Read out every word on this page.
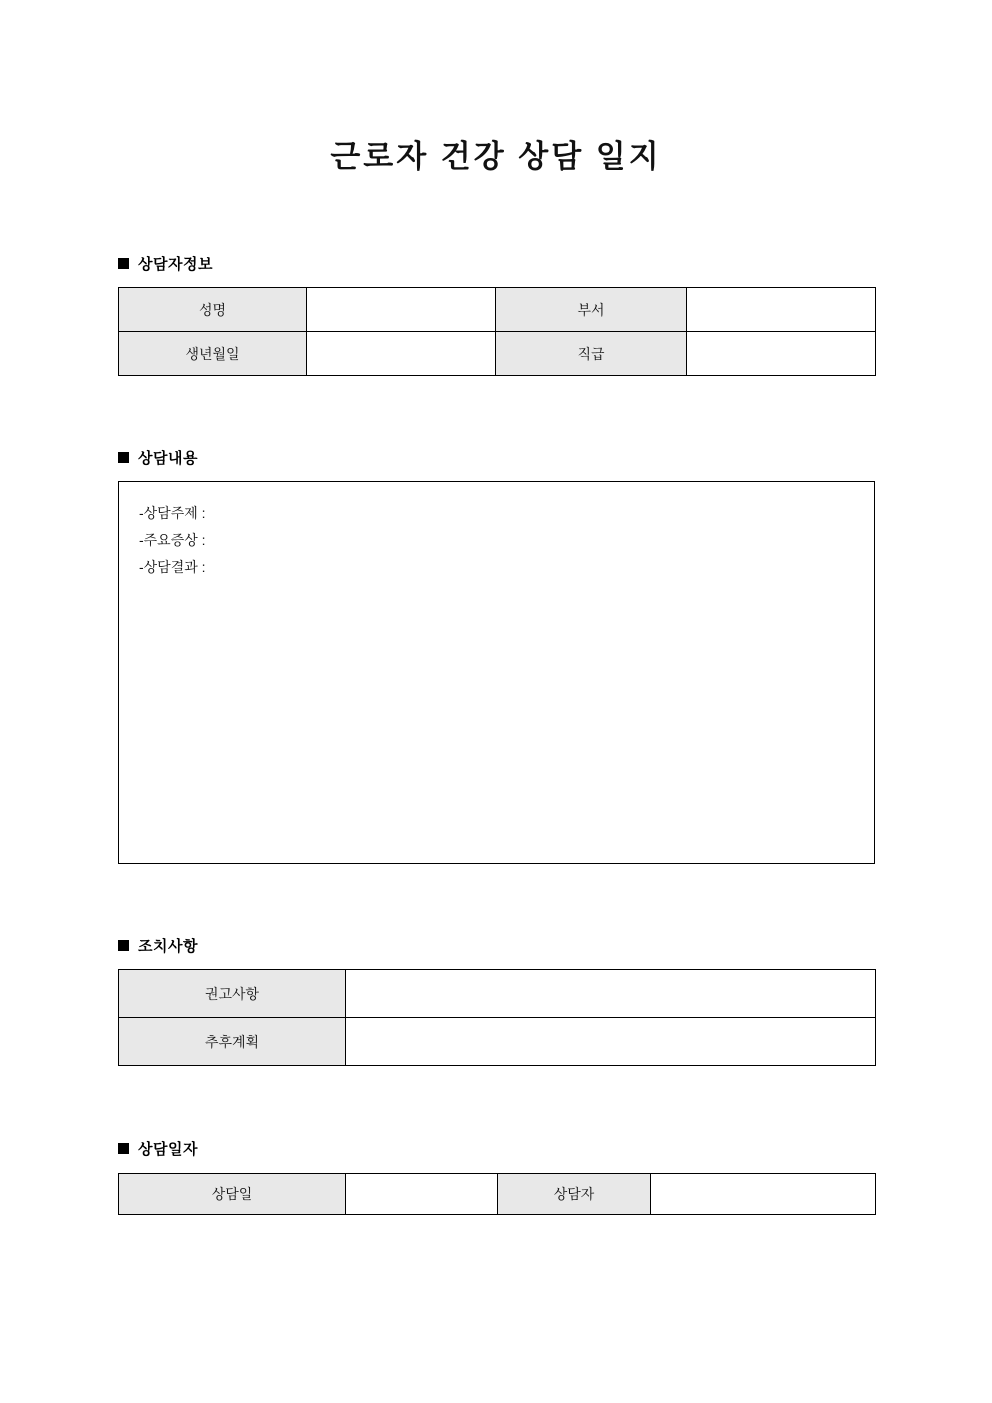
근로자 건강 상담 일지
상담자정보
성명		부서	
생년월일		직급	
상담내용
-상담주제 :
-주요증상 :
-상담결과 :
조치사항
권고사항	
추후계획	
상담일자
상담일		상담자	
